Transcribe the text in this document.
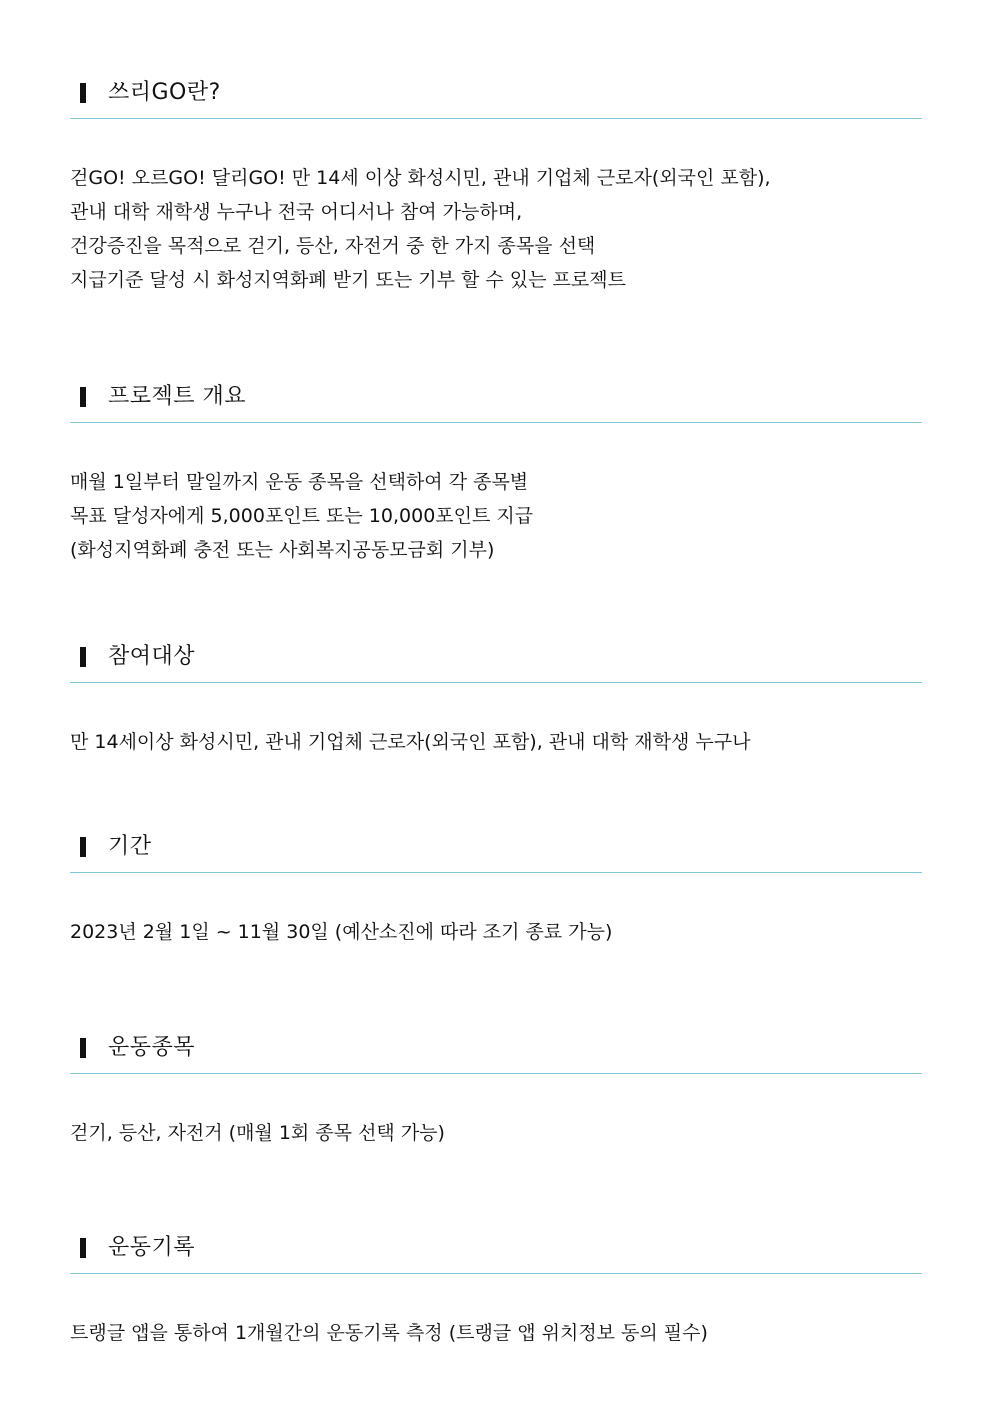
쓰리GO란?

걷GO! 오르GO! 달리GO! 만 14세 이상 화성시민, 관내 기업체 근로자(외국인 포함),

관내 대학 재학생 누구나 전국 어디서나 참여 가능하며,

건강증진을 목적으로 걷기, 등산, 자전거 중 한 가지 종목을 선택

지급기준 달성 시 화성지역화폐 받기 또는 기부 할 수 있는 프로젝트

프로젝트 개요

매월 1일부터 말일까지 운동 종목을 선택하여 각 종목별

목표 달성자에게 5,000포인트 또는 10,000포인트 지급

(화성지역화폐 충전 또는 사회복지공동모금회 기부)

참여대상

만 14세이상 화성시민, 관내 기업체 근로자(외국인 포함), 관내 대학 재학생 누구나

기간

2023년 2월 1일 ~ 11월 30일 (예산소진에 따라 조기 종료 가능)

운동종목

걷기, 등산, 자전거 (매월 1회 종목 선택 가능)

운동기록

트랭글 앱을 통하여 1개월간의 운동기록 측정 (트랭글 앱 위치정보 동의 필수)
